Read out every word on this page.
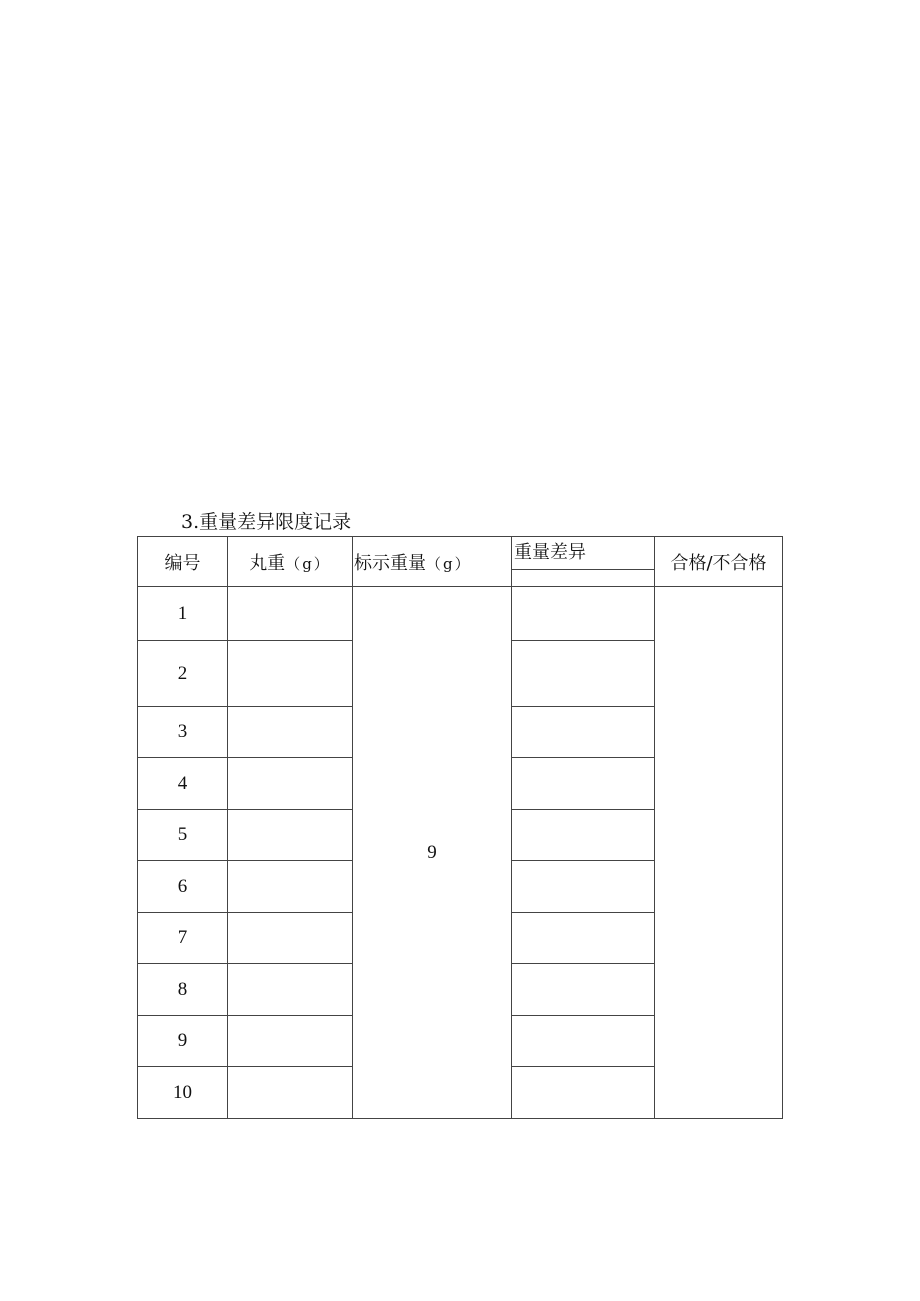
3.重量差异限度记录
编号	丸重（g）	标示重量（g）	重量差异	合格/不合格
1		9		
2				
3				
4				
5				
6				
7				
8				
9				
10				
